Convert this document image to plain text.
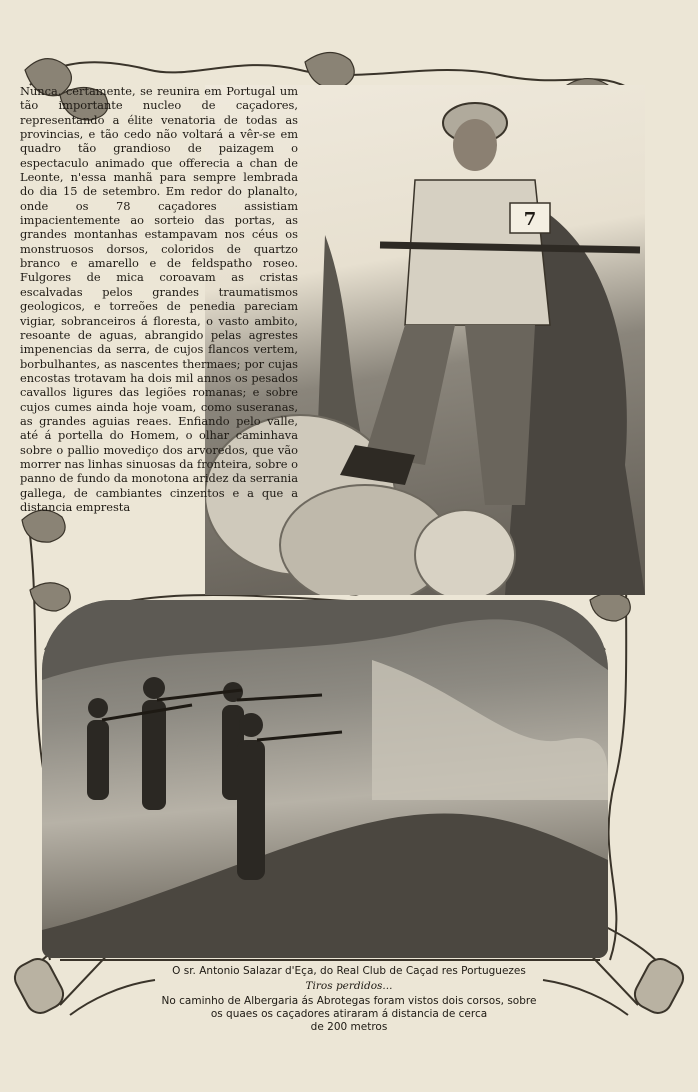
7

Nunca, certamente, se reunira em Portugal um tão importante nucleo de caçadores, representando a élite venatoria de todas as provincias, e tão cedo não voltará a vêr-se em quadro tão grandioso de paizagem o espectaculo animado que offerecia a chan de Leonte, n'essa manhã para sempre lembrada do dia 15 de setembro. Em redor do planalto, onde os 78 caçadores assistiam impacientemente ao sorteio das portas, as grandes montanhas estampavam nos céus os monstruosos dorsos, coloridos de quartzo branco e amarello e de feldspatho roseo. Fulgores de mica coroavam as cristas escalvadas pelos grandes traumatismos geologicos, e torreões de penedia pareciam vigiar, sobranceiros á floresta, o vasto ambito, resoante de aguas, abrangido pelas agrestes impenencias da serra, de cujos flancos vertem, borbulhantes, as nascentes thermaes; por cujas encostas trotavam ha dois mil annos os pesados cavallos ligures das legiões romanas; e sobre cujos cumes ainda hoje voam, como suseranas, as grandes aguias reaes. Enfiando pelo valle, até á portella do Homem, o olhar caminhava sobre o pallio movediço dos arvoredos, que vão morrer nas linhas sinuosas da fronteira, sobre o panno de fundo da monotona aridez da serrania gallega, de cambiantes cinzentos e a que a distancia empresta

O sr. Antonio Salazar d'Eça, do Real Club de Caçad res Portuguezes
Tiros perdidos...
No caminho de Albergaria ás Abrotegas foram vistos dois corsos, sobre
os quaes os caçadores atiraram á distancia de cerca
de 200 metros
